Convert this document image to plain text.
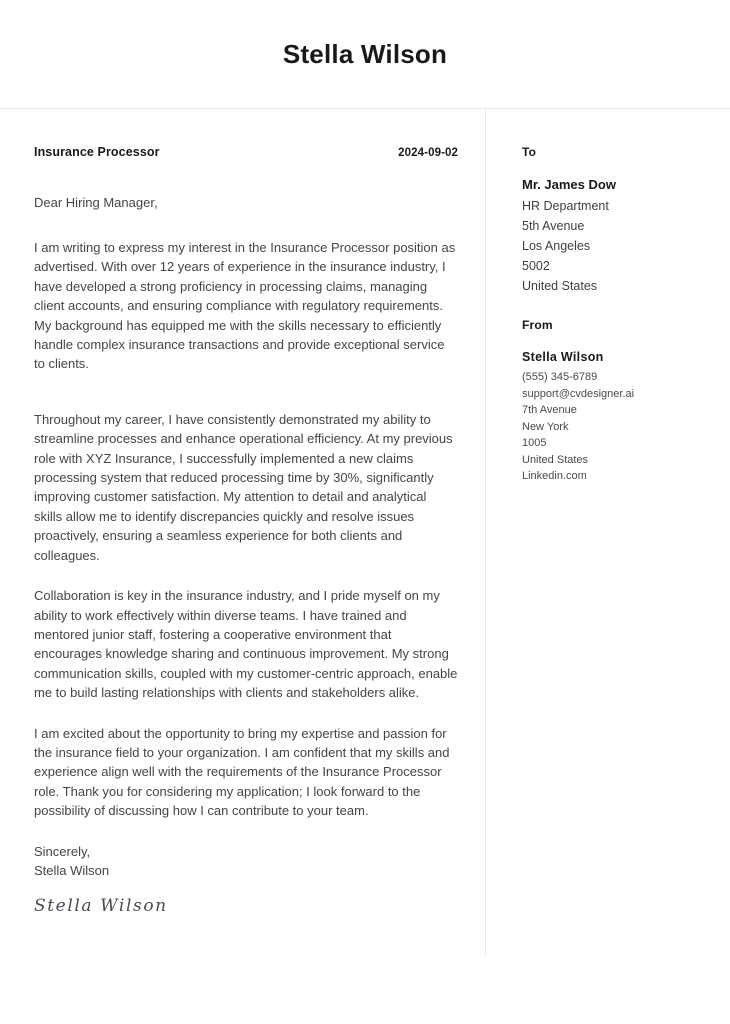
Stella Wilson
Insurance Processor	2024-09-02
Dear Hiring Manager,

I am writing to express my interest in the Insurance Processor position as advertised. With over 12 years of experience in the insurance industry, I have developed a strong proficiency in processing claims, managing client accounts, and ensuring compliance with regulatory requirements. My background has equipped me with the skills necessary to efficiently handle complex insurance transactions and provide exceptional service to clients.

Throughout my career, I have consistently demonstrated my ability to streamline processes and enhance operational efficiency. At my previous role with XYZ Insurance, I successfully implemented a new claims processing system that reduced processing time by 30%, significantly improving customer satisfaction. My attention to detail and analytical skills allow me to identify discrepancies quickly and resolve issues proactively, ensuring a seamless experience for both clients and colleagues.

Collaboration is key in the insurance industry, and I pride myself on my ability to work effectively within diverse teams. I have trained and mentored junior staff, fostering a cooperative environment that encourages knowledge sharing and continuous improvement. My strong communication skills, coupled with my customer-centric approach, enable me to build lasting relationships with clients and stakeholders alike.

I am excited about the opportunity to bring my expertise and passion for the insurance field to your organization. I am confident that my skills and experience align well with the requirements of the Insurance Processor role. Thank you for considering my application; I look forward to the possibility of discussing how I can contribute to your team.

Sincerely,
Stella Wilson
Stella Wilson
To
Mr. James Dow
HR Department
5th Avenue
Los Angeles
5002
United States
From
Stella Wilson
(555) 345-6789
support@cvdesigner.ai
7th Avenue
New York
1005
United States
Linkedin.com
